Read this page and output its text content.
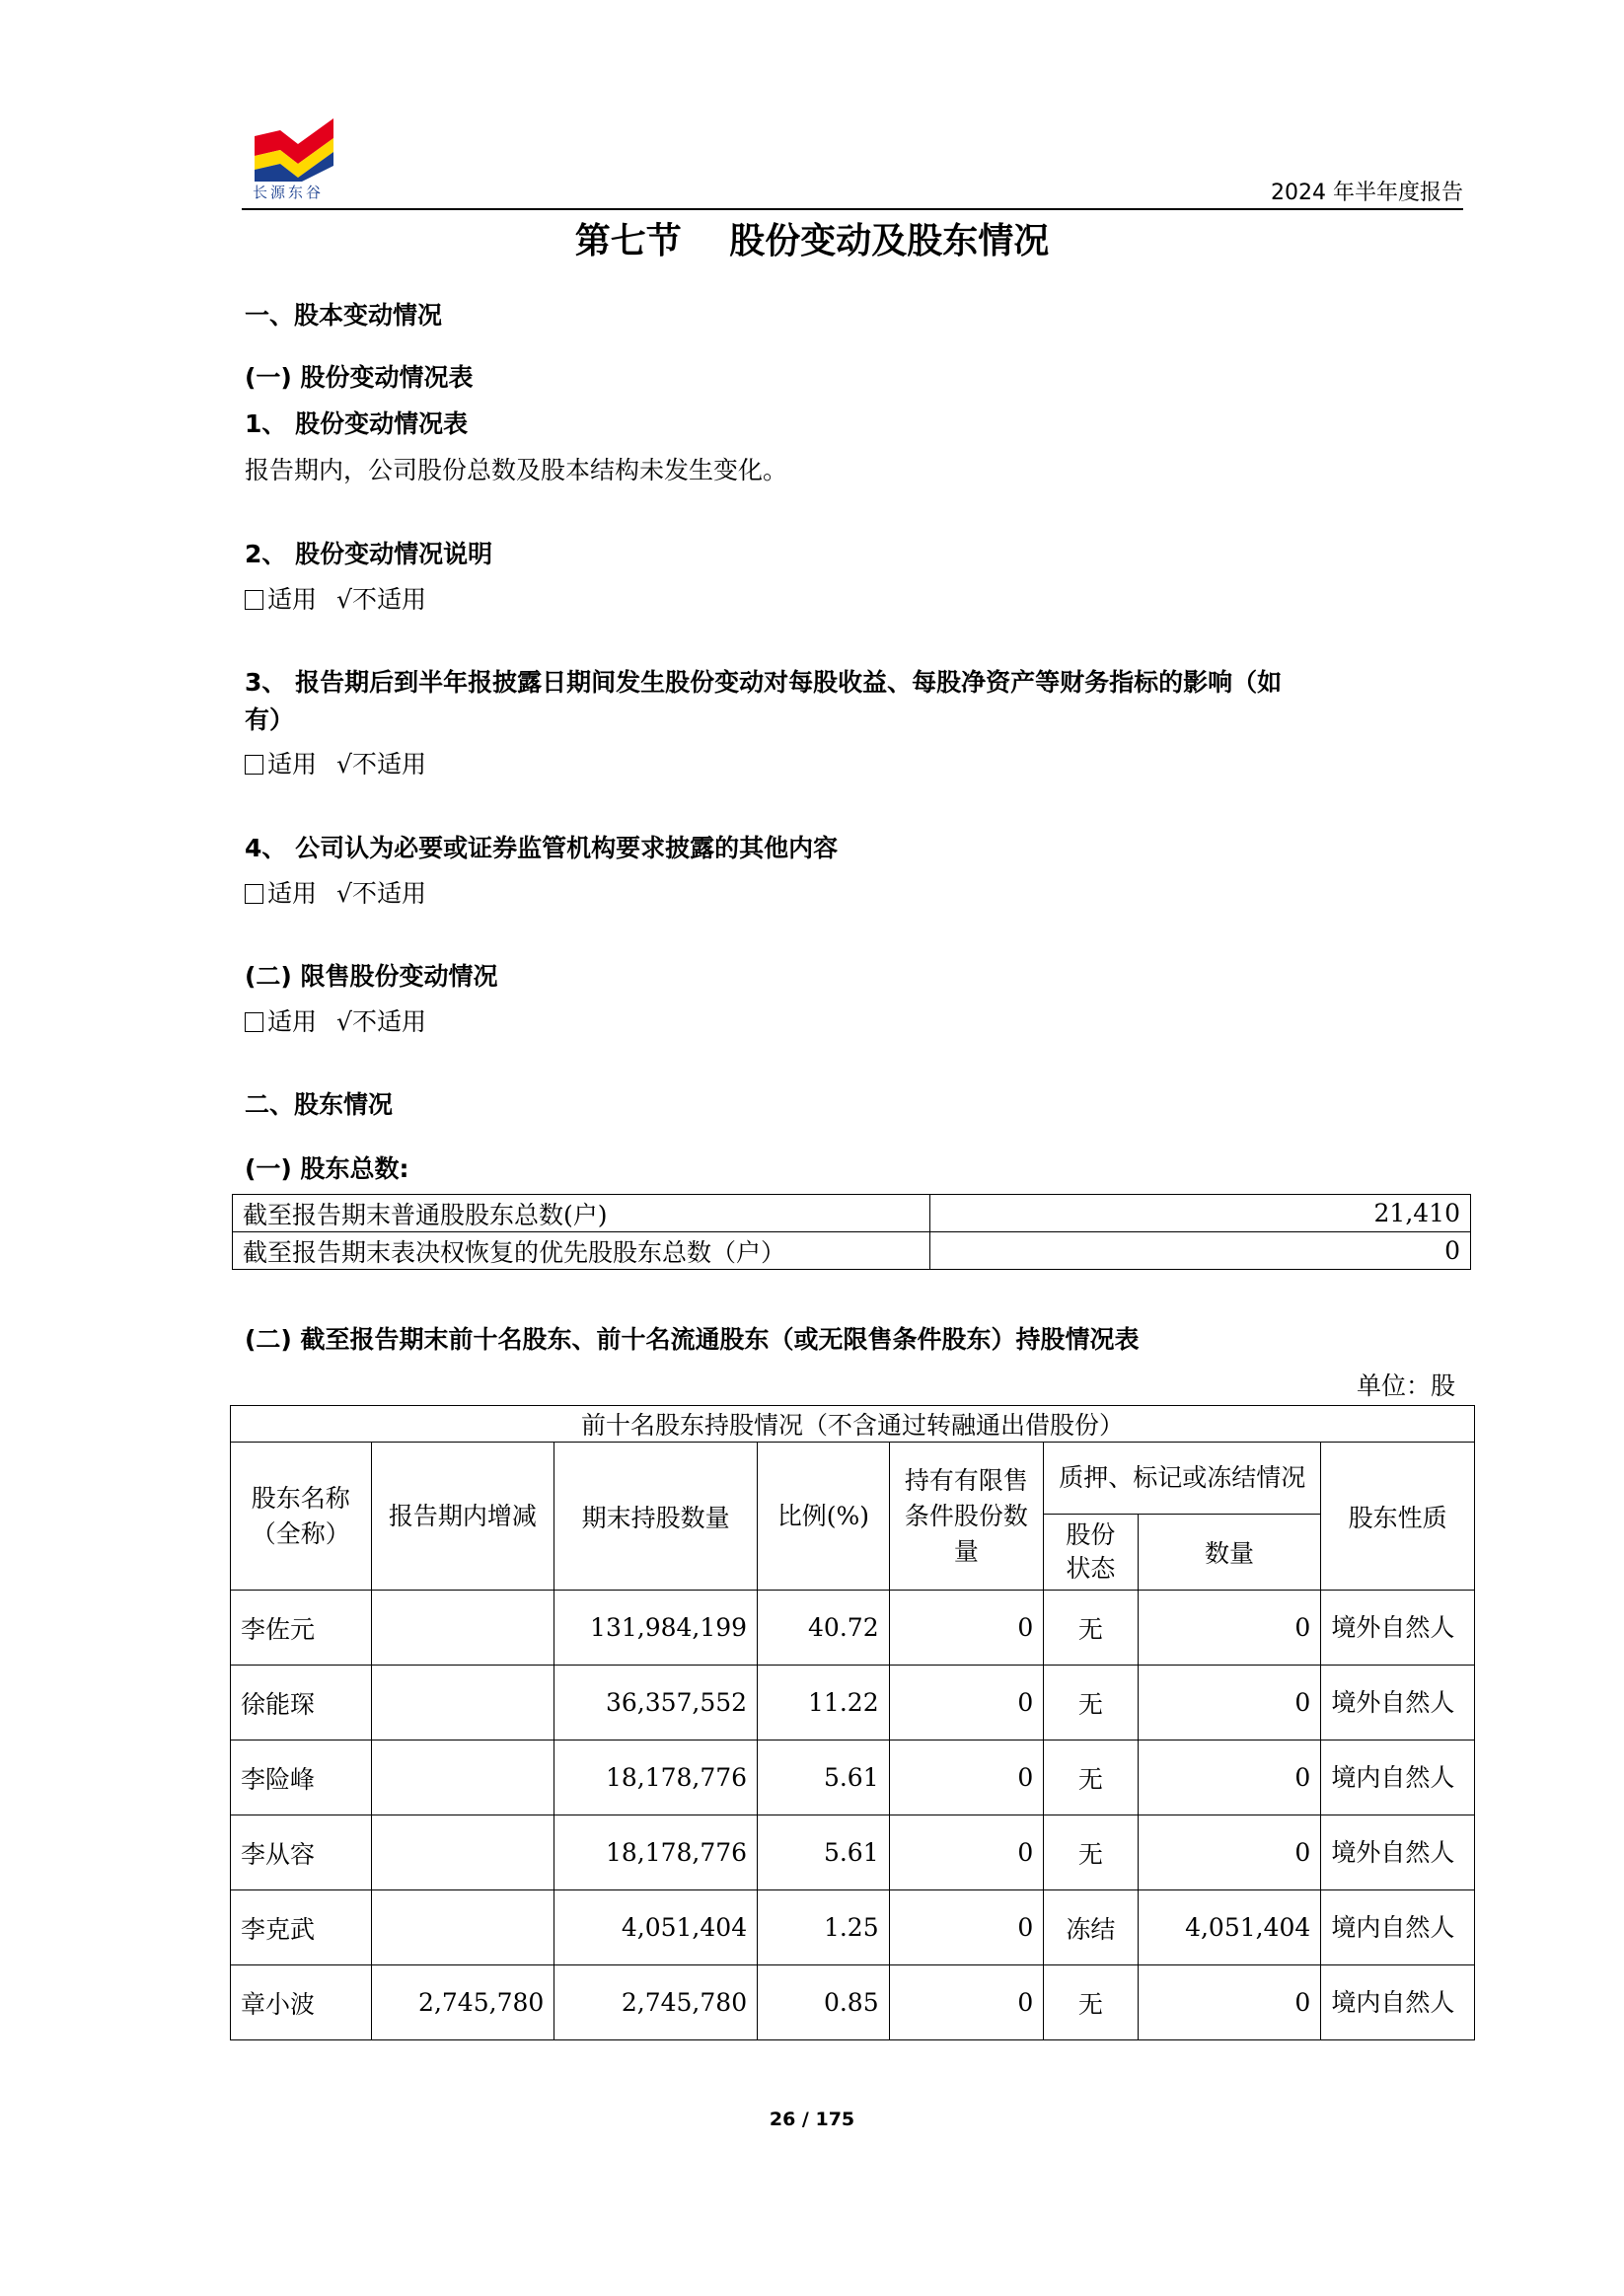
长源东谷	2024 年半年度报告
第七节　 股份变动及股东情况
一、股本变动情况
(一) 股份变动情况表
1、 股份变动情况表
报告期内，公司股份总数及股本结构未发生变化。
2、 股份变动情况说明
适用 √不适用
3、 报告期后到半年报披露日期间发生股份变动对每股收益、每股净资产等财务指标的影响（如
有）
适用 √不适用
4、 公司认为必要或证券监管机构要求披露的其他内容
适用 √不适用
(二) 限售股份变动情况
适用 √不适用
二、股东情况
(一) 股东总数:
截至报告期末普通股股东总数(户)	21,410
截至报告期末表决权恢复的优先股股东总数（户）	0
(二) 截至报告期末前十名股东、前十名流通股东（或无限售条件股东）持股情况表
单位：股
前十名股东持股情况（不含通过转融通出借股份）							
股东名称（全称）	报告期内增减	期末持股数量	比例(%)	持有有限售条件股份数量	质押、标记或冻结情况		股东性质
					股份状态	数量	
李佐元		131,984,199	40.72	0	无	0	境外自然人
徐能琛		36,357,552	11.22	0	无	0	境外自然人
李险峰		18,178,776	5.61	0	无	0	境内自然人
李从容		18,178,776	5.61	0	无	0	境外自然人
李克武		4,051,404	1.25	0	冻结	4,051,404	境内自然人
章小波	2,745,780	2,745,780	0.85	0	无	0	境内自然人
26 / 175
